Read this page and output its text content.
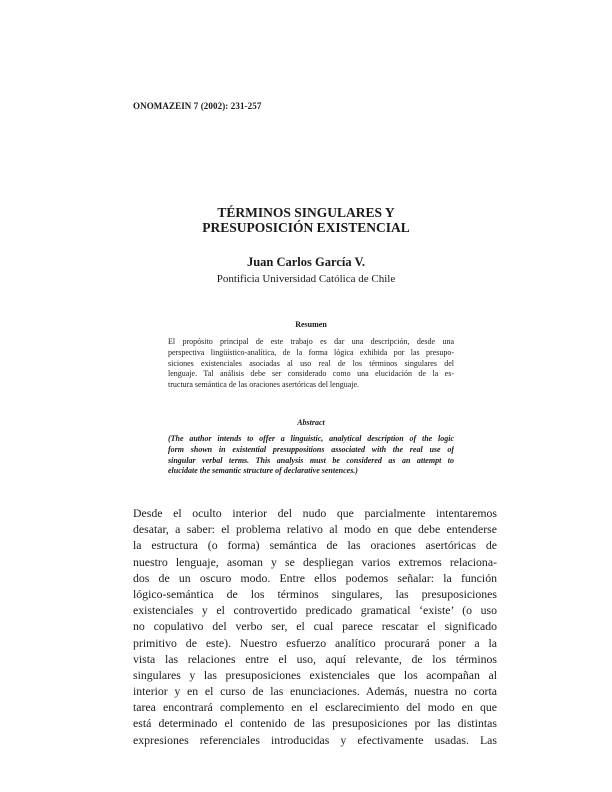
ONOMAZEIN 7 (2002): 231-257
TÉRMINOS SINGULARES Y
PRESUPOSICIÓN EXISTENCIAL
Juan Carlos García V.
Pontificia Universidad Católica de Chile
Resumen
El propósito principal de este trabajo es dar una descripción, desde una
perspectiva lingüístico-analítica, de la forma lógica exhibida por las presupo-
siciones existenciales asociadas al uso real de los términos singulares del
lenguaje. Tal análisis debe ser considerado como una elucidación de la es-
tructura semántica de las oraciones asertóricas del lenguaje.
Abstract
(The author intends to offer a linguistic, analytical description of the logic
form shown in existential presuppositions associated with the real use of
singular verbal terms. This analysis must be considered as an attempt to
elucidate the semantic structure of declarative sentences.)
Desde el oculto interior del nudo que parcialmente intentaremos
desatar, a saber: el problema relativo al modo en que debe entenderse
la estructura (o forma) semántica de las oraciones asertóricas de
nuestro lenguaje, asoman y se despliegan varios extremos relaciona-
dos de un oscuro modo. Entre ellos podemos señalar: la función
lógico-semántica de los términos singulares, las presuposiciones
existenciales y el controvertido predicado gramatical ‘existe’ (o uso
no copulativo del verbo ser, el cual parece rescatar el significado
primitivo de este). Nuestro esfuerzo analítico procurará poner a la
vista las relaciones entre el uso, aquí relevante, de los términos
singulares y las presuposiciones existenciales que los acompañan al
interior y en el curso de las enunciaciones. Además, nuestra no corta
tarea encontrará complemento en el esclarecimiento del modo en que
está determinado el contenido de las presuposiciones por las distintas
expresiones referenciales introducidas y efectivamente usadas. Las
